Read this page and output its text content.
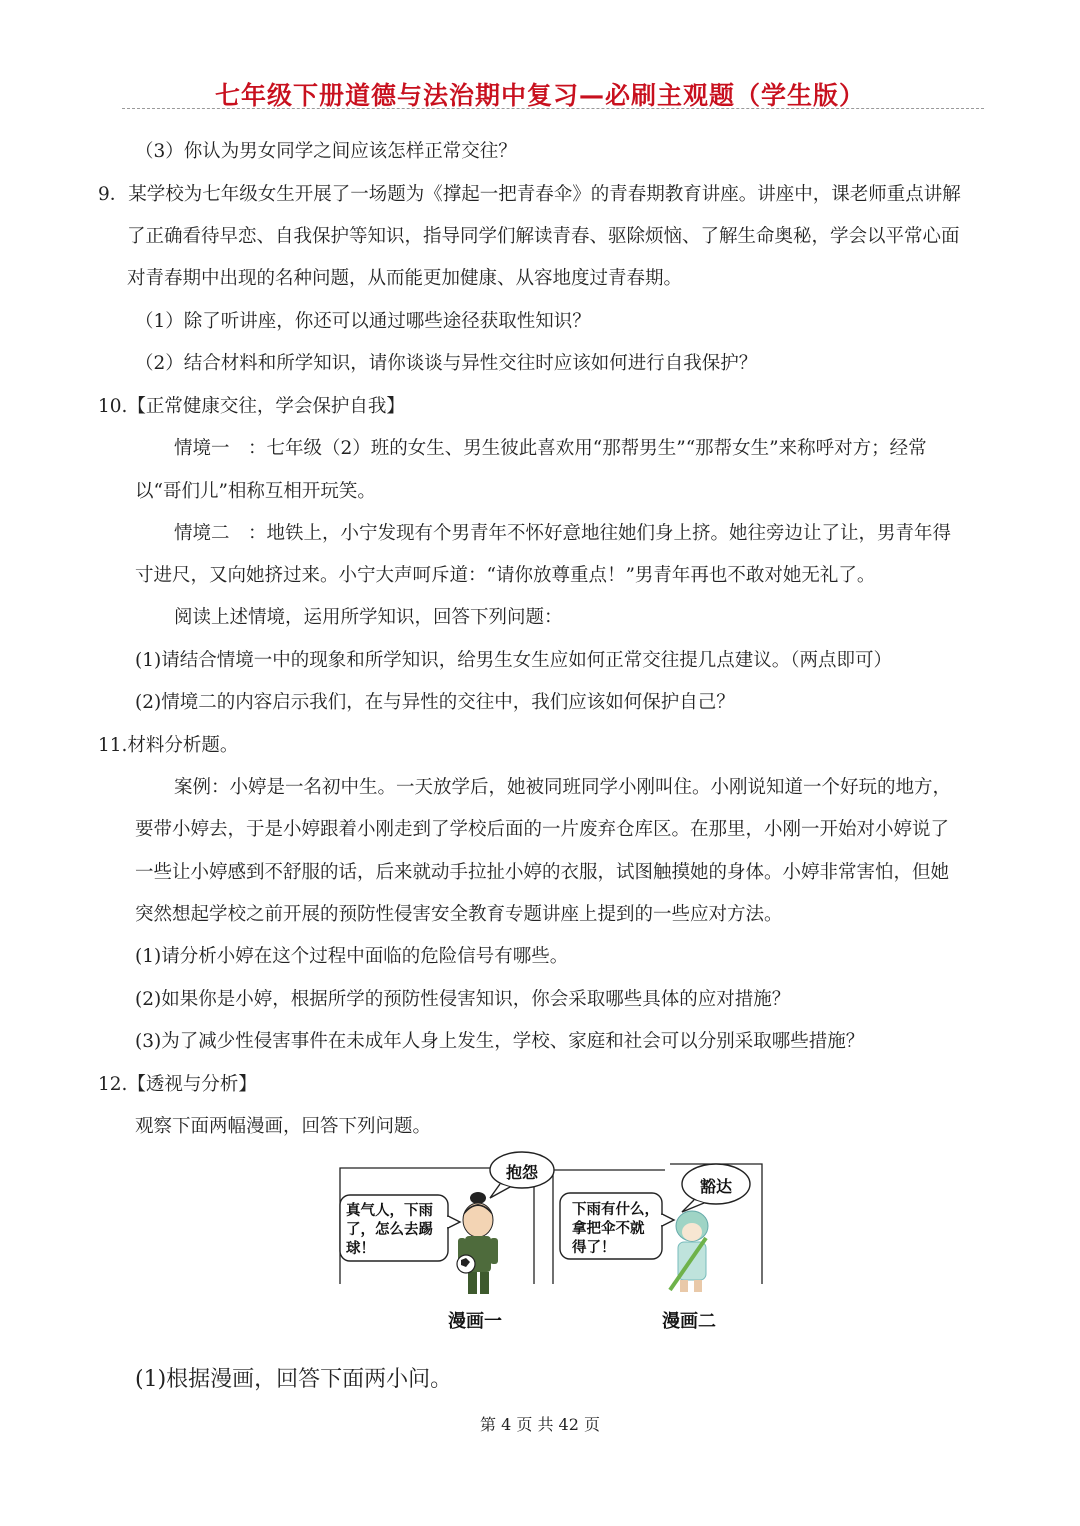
七年级下册道德与法治期中复习—必刷主观题（学生版）
（3）你认为男女同学之间应该怎样正常交往？
9．某学校为七年级女生开展了一场题为《撑起一把青春伞》的青春期教育讲座。讲座中，课老师重点讲解
了正确看待早恋、自我保护等知识，指导同学们解读青春、驱除烦恼、了解生命奥秘，学会以平常心面
对青春期中出现的名种问题，从而能更加健康、从容地度过青春期。
（1）除了听讲座，你还可以通过哪些途径获取性知识？
（2）结合材料和所学知识，请你谈谈与异性交往时应该如何进行自我保护？
10.【正常健康交往，学会保护自我】
情境一　：七年级（2）班的女生、男生彼此喜欢用“那帮男生”“那帮女生”来称呼对方；经常
以“哥们儿”相称互相开玩笑。
情境二　：地铁上，小宁发现有个男青年不怀好意地往她们身上挤。她往旁边让了让，男青年得
寸进尺，又向她挤过来。小宁大声呵斥道：“请你放尊重点！”男青年再也不敢对她无礼了。
阅读上述情境，运用所学知识，回答下列问题：
(1)请结合情境一中的现象和所学知识，给男生女生应如何正常交往提几点建议。（两点即可）
(2)情境二的内容启示我们，在与异性的交往中，我们应该如何保护自己？
11.材料分析题。
案例：小婷是一名初中生。一天放学后，她被同班同学小刚叫住。小刚说知道一个好玩的地方，
要带小婷去，于是小婷跟着小刚走到了学校后面的一片废弃仓库区。在那里，小刚一开始对小婷说了
一些让小婷感到不舒服的话，后来就动手拉扯小婷的衣服，试图触摸她的身体。小婷非常害怕，但她
突然想起学校之前开展的预防性侵害安全教育专题讲座上提到的一些应对方法。
(1)请分析小婷在这个过程中面临的危险信号有哪些。
(2)如果你是小婷，根据所学的预防性侵害知识，你会采取哪些具体的应对措施？
(3)为了减少性侵害事件在未成年人身上发生，学校、家庭和社会可以分别采取哪些措施？
12.【透视与分析】
观察下面两幅漫画，回答下列问题。
抱怨
豁达
真气人，下雨
了，怎么去踢
球！
下雨有什么，
拿把伞不就
得了！
漫画一	漫画二
(1)根据漫画，回答下面两小问。
第 4 页 共 42 页
